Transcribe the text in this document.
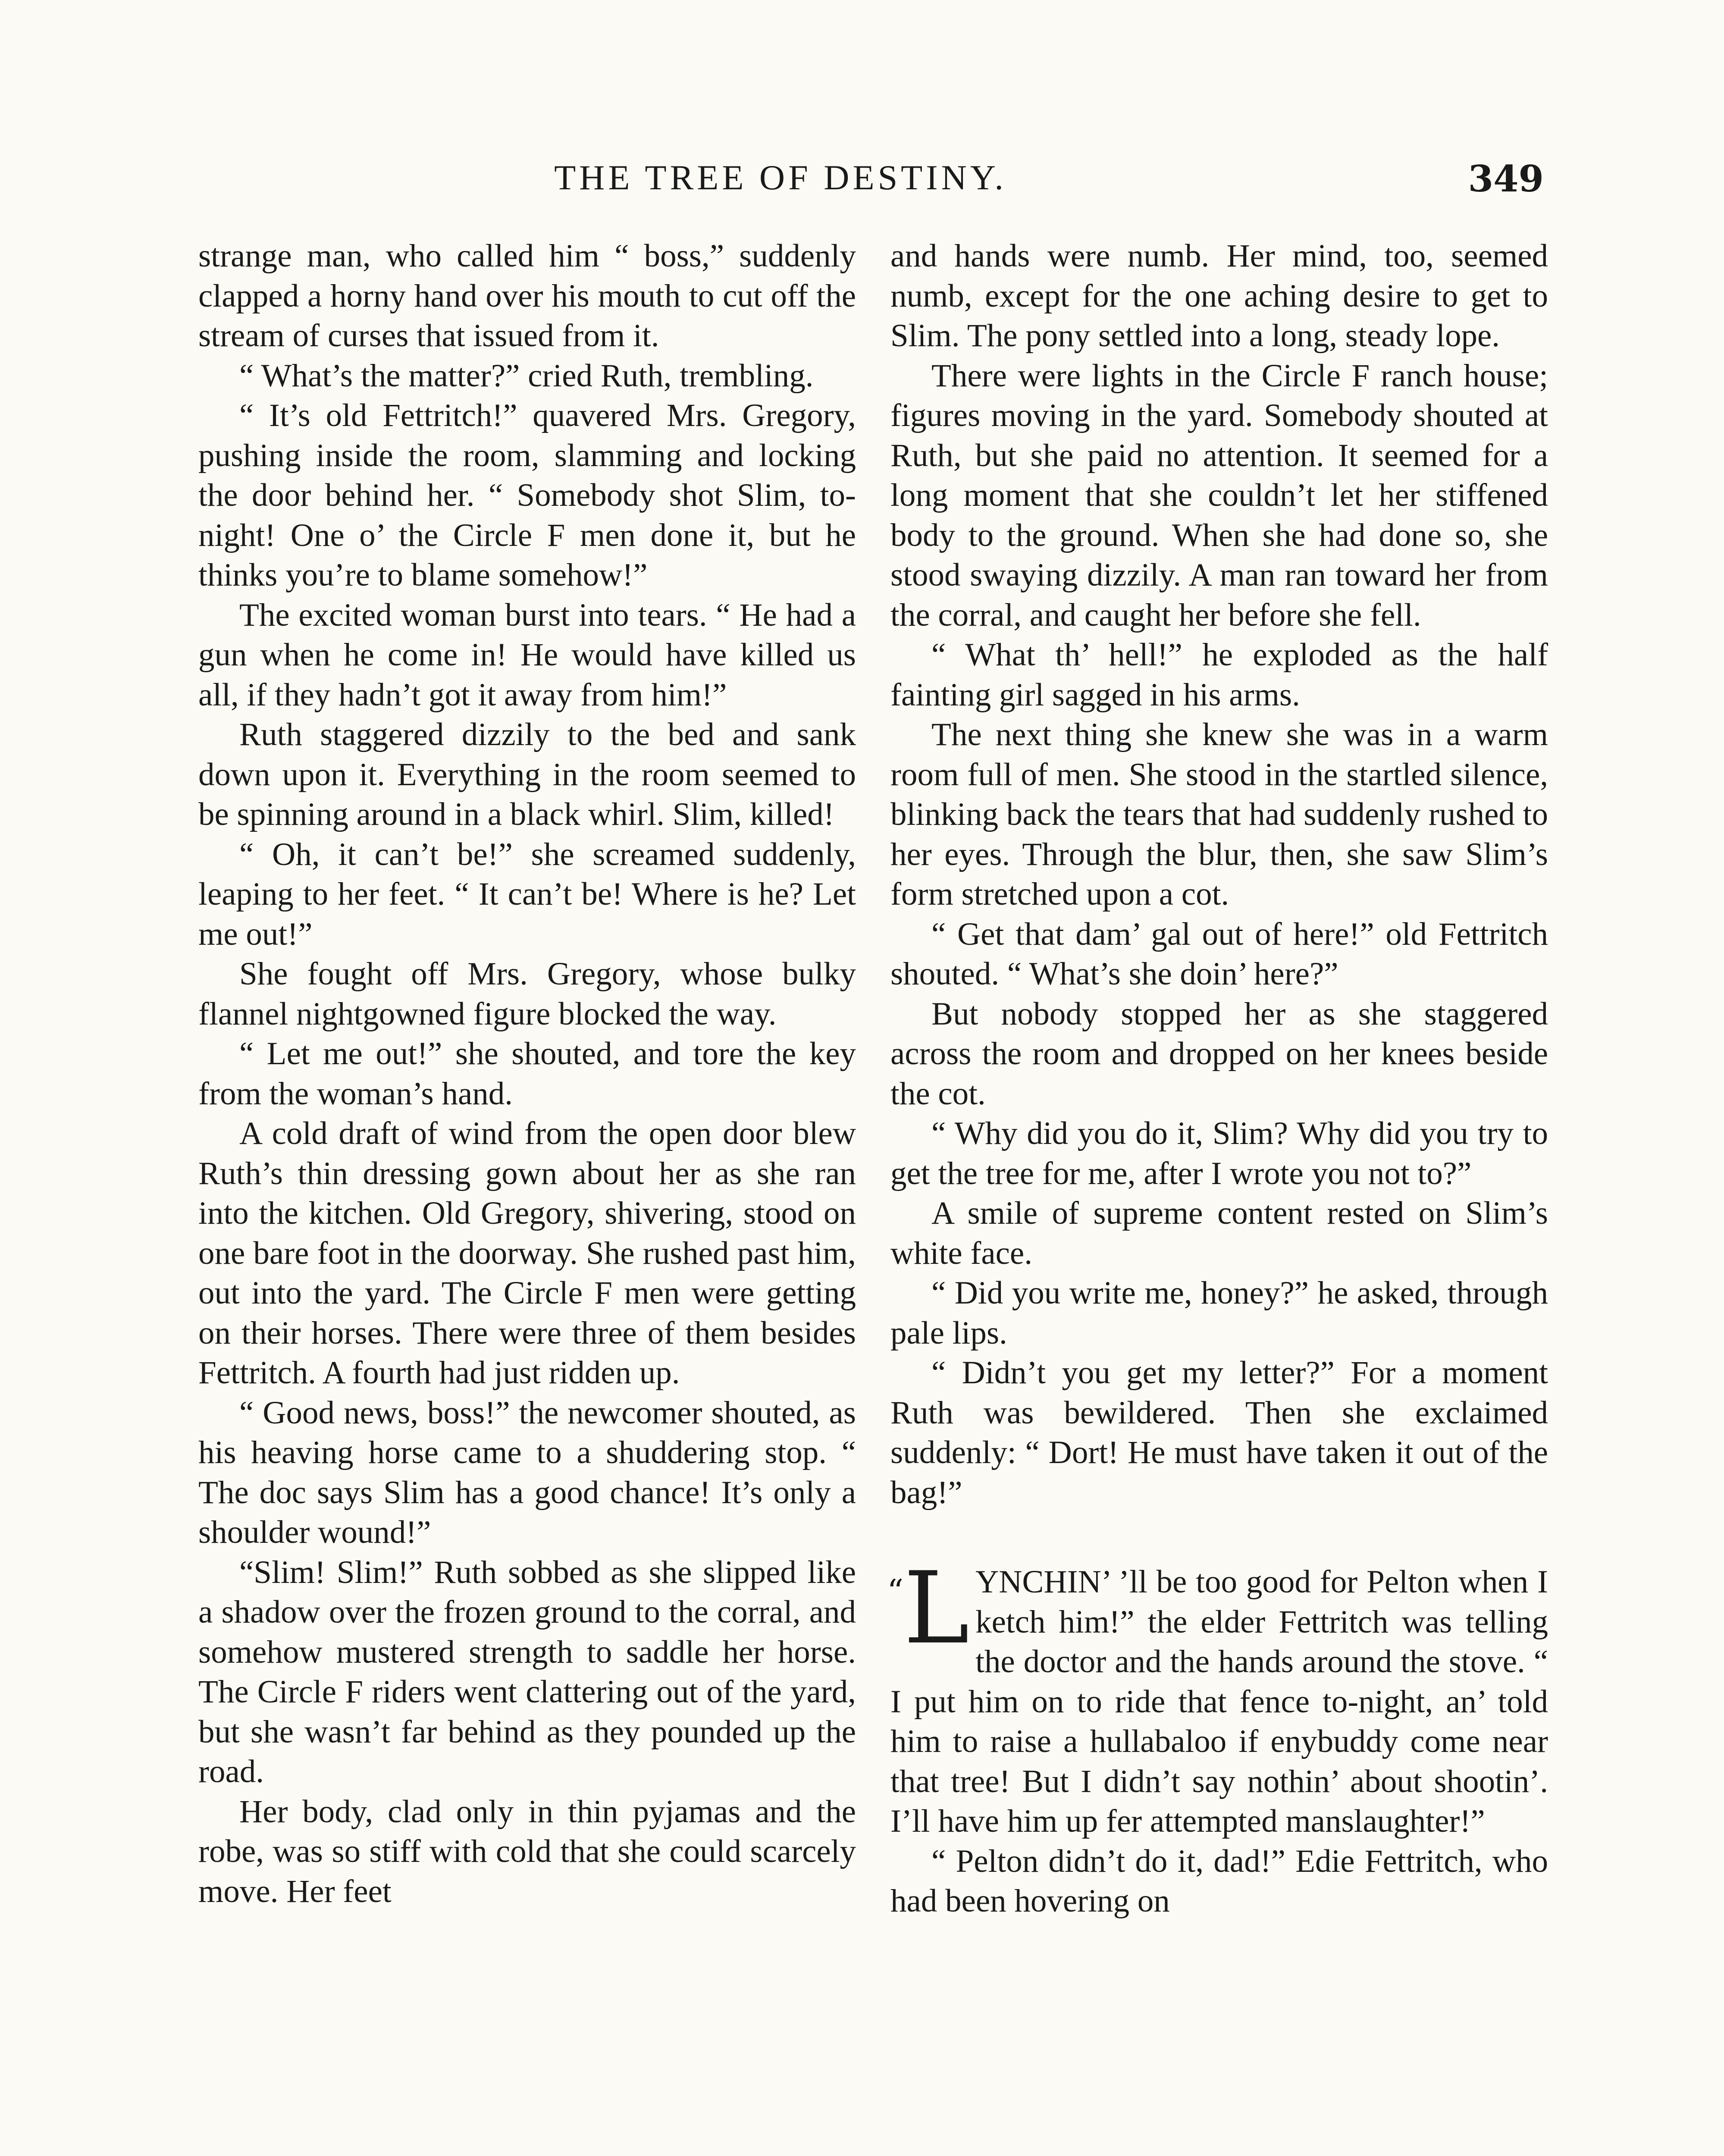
THE TREE OF DESTINY.	349

strange man, who called him “ boss,” suddenly clapped a horny hand over his mouth to cut off the stream of curses that issued from it.

“ What’s the matter?” cried Ruth, trembling.

“ It’s old Fettritch!” quavered Mrs. Gregory, pushing inside the room, slamming and locking the door behind her. “ Somebody shot Slim, to-night! One o’ the Circle F men done it, but he thinks you’re to blame somehow!”

The excited woman burst into tears. “ He had a gun when he come in! He would have killed us all, if they hadn’t got it away from him!”

Ruth staggered dizzily to the bed and sank down upon it. Everything in the room seemed to be spinning around in a black whirl. Slim, killed!

“ Oh, it can’t be!” she screamed suddenly, leaping to her feet. “ It can’t be! Where is he? Let me out!”

She fought off Mrs. Gregory, whose bulky flannel nightgowned figure blocked the way.

“ Let me out!” she shouted, and tore the key from the woman’s hand.

A cold draft of wind from the open door blew Ruth’s thin dressing gown about her as she ran into the kitchen. Old Gregory, shivering, stood on one bare foot in the doorway. She rushed past him, out into the yard. The Circle F men were getting on their horses. There were three of them besides Fettritch. A fourth had just ridden up.

“ Good news, boss!” the newcomer shouted, as his heaving horse came to a shuddering stop. “ The doc says Slim has a good chance! It’s only a shoulder wound!”

“Slim! Slim!” Ruth sobbed as she slipped like a shadow over the frozen ground to the corral, and somehow mustered strength to saddle her horse. The Circle F riders went clattering out of the yard, but she wasn’t far behind as they pounded up the road.

Her body, clad only in thin pyjamas and the robe, was so stiff with cold that she could scarcely move. Her feet

and hands were numb. Her mind, too, seemed numb, except for the one aching desire to get to Slim. The pony settled into a long, steady lope.

There were lights in the Circle F ranch house; figures moving in the yard. Somebody shouted at Ruth, but she paid no attention. It seemed for a long moment that she couldn’t let her stiffened body to the ground. When she had done so, she stood swaying dizzily. A man ran toward her from the corral, and caught her before she fell.

“ What th’ hell!” he exploded as the half fainting girl sagged in his arms.

The next thing she knew she was in a warm room full of men. She stood in the startled silence, blinking back the tears that had suddenly rushed to her eyes. Through the blur, then, she saw Slim’s form stretched upon a cot.

“ Get that dam’ gal out of here!” old Fettritch shouted. “ What’s she doin’ here?”

But nobody stopped her as she staggered across the room and dropped on her knees beside the cot.

“ Why did you do it, Slim? Why did you try to get the tree for me, after I wrote you not to?”

A smile of supreme content rested on Slim’s white face.

“ Did you write me, honey?” he asked, through pale lips.

“ Didn’t you get my letter?” For a moment Ruth was bewildered. Then she exclaimed suddenly: “ Dort! He must have taken it out of the bag!”

“L YNCHIN’ ’ll be too good for Pelton when I ketch him!” the elder Fettritch was telling the doctor and the hands around the stove. “ I put him on to ride that fence to-night, an’ told him to raise a hullabaloo if enybuddy come near that tree! But I didn’t say nothin’ about shootin’. I’ll have him up fer attempted manslaughter!”

“ Pelton didn’t do it, dad!” Edie Fettritch, who had been hovering on
